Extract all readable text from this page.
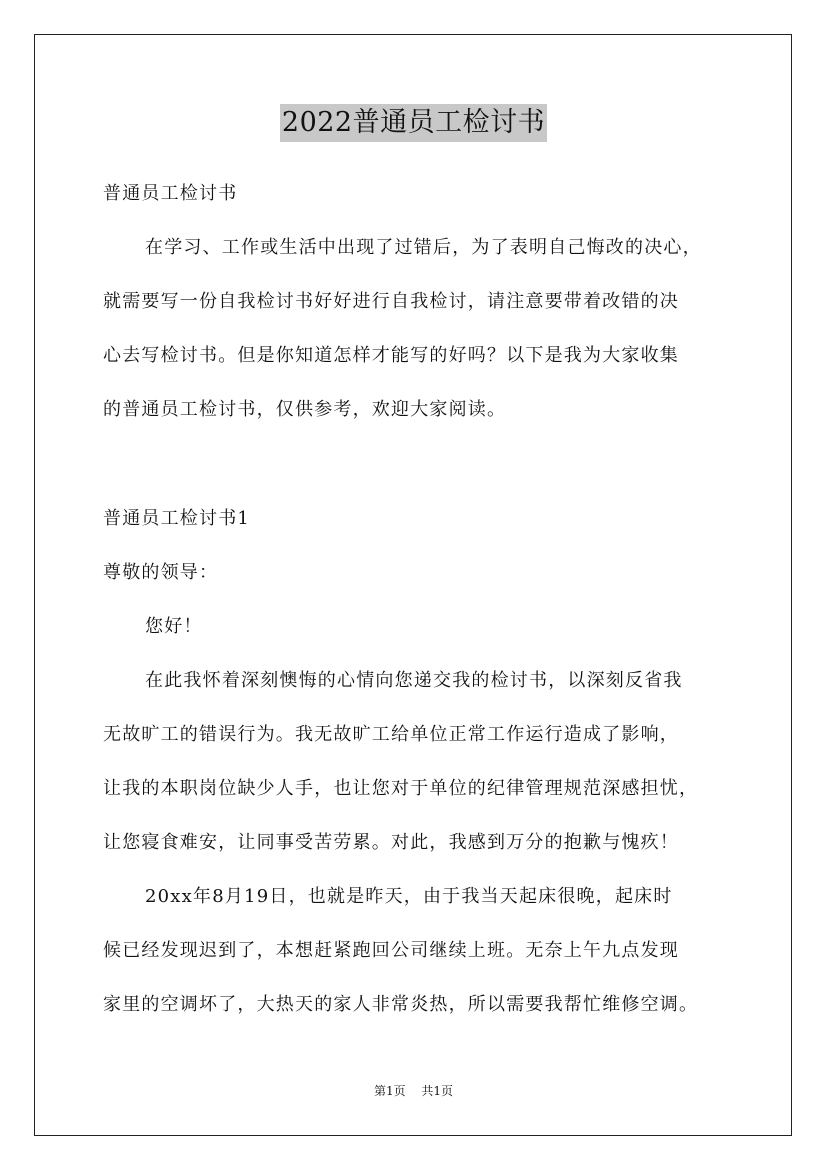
2022普通员工检讨书
普通员工检讨书
在学习、工作或生活中出现了过错后，为了表明自己悔改的决心，
就需要写一份自我检讨书好好进行自我检讨，请注意要带着改错的决
心去写检讨书。但是你知道怎样才能写的好吗？以下是我为大家收集
的普通员工检讨书，仅供参考，欢迎大家阅读。
普通员工检讨书1
尊敬的领导：
您好！
在此我怀着深刻懊悔的心情向您递交我的检讨书，以深刻反省我
无故旷工的错误行为。我无故旷工给单位正常工作运行造成了影响，
让我的本职岗位缺少人手，也让您对于单位的纪律管理规范深感担忧，
让您寝食难安，让同事受苦劳累。对此，我感到万分的抱歉与愧疚！
20xx年8月19日，也就是昨天，由于我当天起床很晚，起床时
候已经发现迟到了，本想赶紧跑回公司继续上班。无奈上午九点发现
家里的空调坏了，大热天的家人非常炎热，所以需要我帮忙维修空调。
第1页 共1页
